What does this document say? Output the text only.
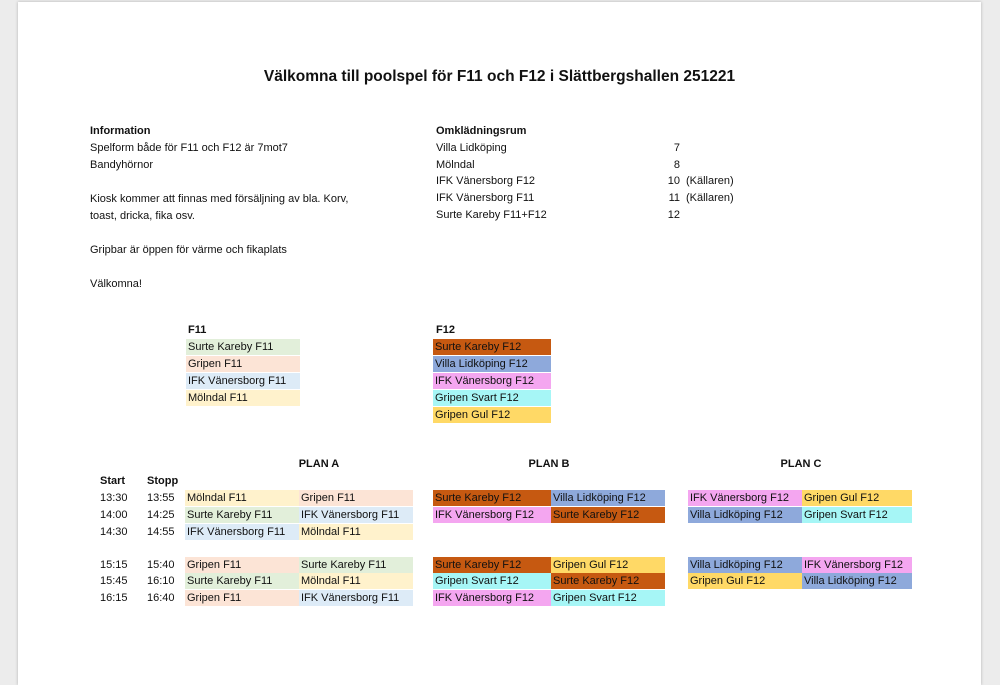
Välkomna till poolspel för F11 och F12 i Slättbergshallen 251221
Information
Spelform både för F11 och F12 är 7mot7
Bandyhörnor

Kiosk kommer att finnas med försäljning av bla. Korv,
toast, dricka, fika osv.

Gripbar är öppen för värme och fikaplats

Välkomna!
Omklädningsrum
Villa Lidköping	7
Mölndal	8
IFK Vänersborg F12	10 (Källaren)
IFK Vänersborg F11	11 (Källaren)
Surte Kareby F11+F12	12
F11
Surte Kareby F11
Gripen F11
IFK Vänersborg F11
Mölndal F11
F12
Surte Kareby F12
Villa Lidköping F12
IFK Vänersborg F12
Gripen Svart F12
Gripen Gul F12
PLAN A	PLAN B	PLAN C
Start	Stopp
13:30	13:55	Mölndal F11	Gripen F11	Surte Kareby F12	Villa Lidköping F12	IFK Vänersborg F12	Gripen Gul F12
14:00	14:25	Surte Kareby F11	IFK Vänersborg F11	IFK Vänersborg F12	Surte Kareby F12	Villa Lidköping F12	Gripen Svart F12
14:30	14:55	IFK Vänersborg F11	Mölndal F11
15:15	15:40	Gripen F11	Surte Kareby F11	Surte Kareby F12	Gripen Gul F12	Villa Lidköping F12	IFK Vänersborg F12
15:45	16:10	Surte Kareby F11	Mölndal F11	Gripen Svart F12	Surte Kareby F12	Gripen Gul F12	Villa Lidköping F12
16:15	16:40	Gripen F11	IFK Vänersborg F11	IFK Vänersborg F12	Gripen Svart F12
